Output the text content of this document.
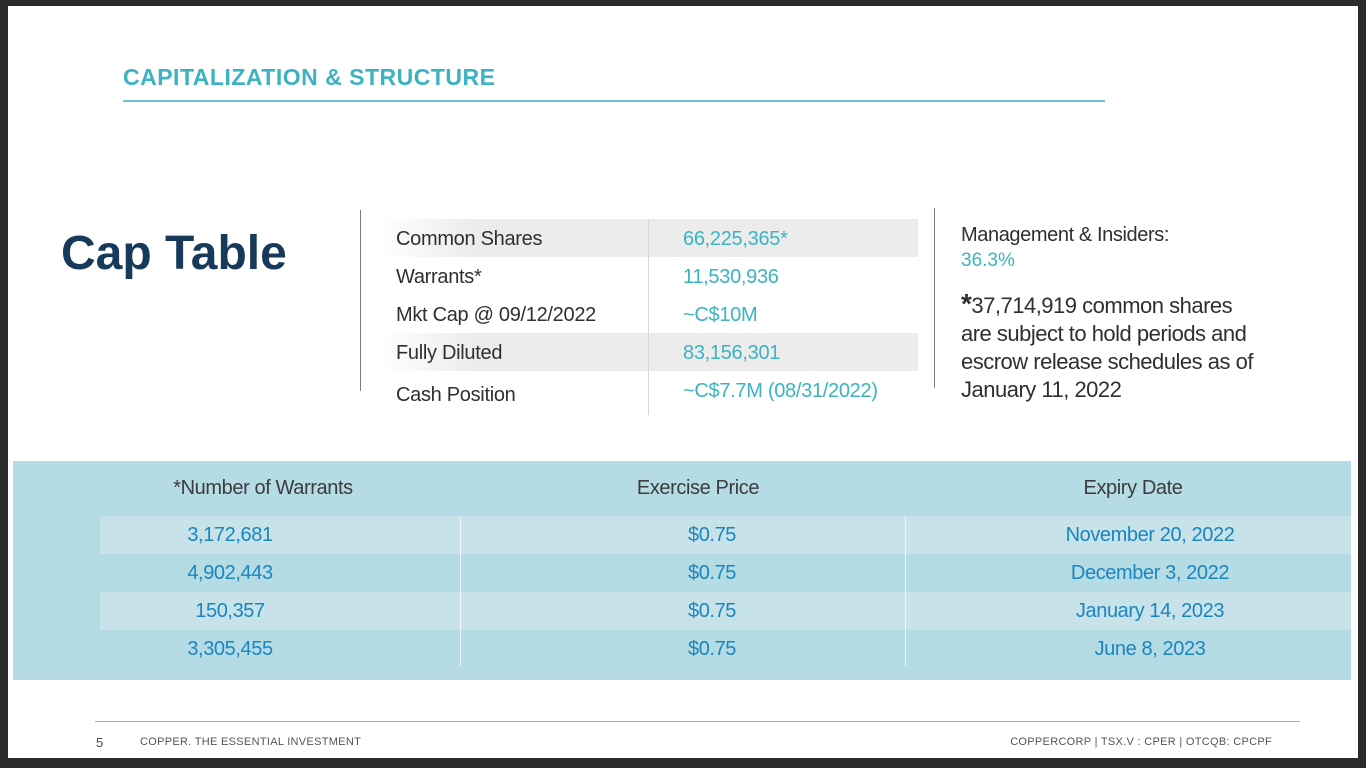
CAPITALIZATION & STRUCTURE
Cap Table	Common Shares	66,225,365*
Warrants*	11,530,936
Mkt Cap @ 09/12/2022	~C$10M
Fully Diluted	83,156,301
Cash Position	~C$7.7M (08/31/2022)
Management & Insiders:
36.3%
*37,714,919 common shares
are subject to hold periods and
escrow release schedules as of
January 11, 2022
*Number of Warrants	Exercise Price	Expiry Date
3,172,681	$0.75	November 20, 2022
4,902,443	$0.75	December 3, 2022
150,357	$0.75	January 14, 2023
3,305,455	$0.75	June 8, 2023
5	COPPER. THE ESSENTIAL INVESTMENT	COPPERCORP | TSX.V : CPER | OTCQB: CPCPF
